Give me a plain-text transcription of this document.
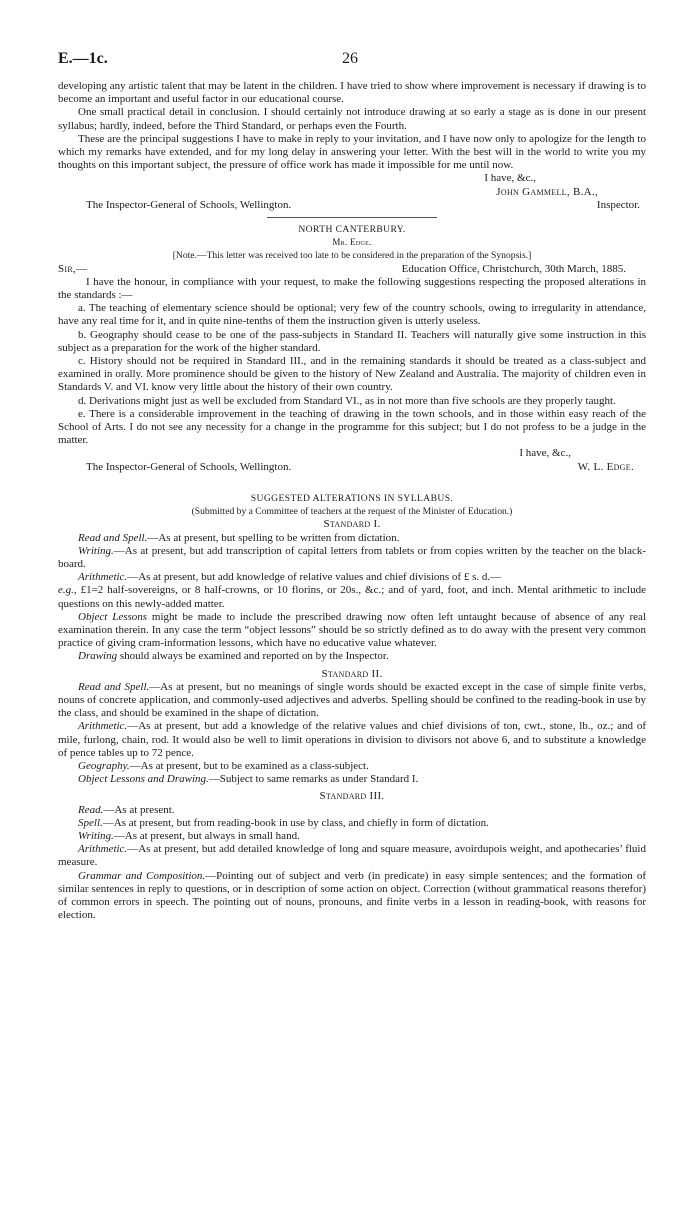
E.—1c.	26

developing any artistic talent that may be latent in the children. I have tried to show where improvement is necessary if drawing is to become an important and useful factor in our educational course.

One small practical detail in conclusion. I should certainly not introduce drawing at so early a stage as is done in our present syllabus; hardly, indeed, before the Third Standard, or perhaps even the Fourth.

These are the principal suggestions I have to make in reply to your invitation, and I have now only to apologize for the length to which my remarks have extended, and for my long delay in answering your letter. With the best will in the world to write you my thoughts on this important subject, the pressure of office work has made it impossible for me until now.

I have, &c.,

John Gammell, B.A.,

The Inspector-General of Schools, Wellington.	Inspector.

NORTH CANTERBURY.

Mr. Edge.

[Note.—This letter was received too late to be considered in the preparation of the Synopsis.]

Sir,—	Education Office, Christchurch, 30th March, 1885.

I have the honour, in compliance with your request, to make the following suggestions respecting the proposed alterations in the standards :—

a. The teaching of elementary science should be optional; very few of the country schools, owing to irregularity in attendance, have any real time for it, and in quite nine-tenths of them the instruction given is utterly useless.

b. Geography should cease to be one of the pass-subjects in Standard II. Teachers will naturally give some instruction in this subject as a preparation for the work of the higher standard.

c. History should not be required in Standard III., and in the remaining standards it should be treated as a class-subject and examined in orally. More prominence should be given to the history of New Zealand and Australia. The majority of children even in Standards V. and VI. know very little about the history of their own country.

d. Derivations might just as well be excluded from Standard VI., as in not more than five schools are they properly taught.

e. There is a considerable improvement in the teaching of drawing in the town schools, and in those within easy reach of the School of Arts. I do not see any necessity for a change in the programme for this subject; but I do not profess to be a judge in the matter.

I have, &c.,

The Inspector-General of Schools, Wellington.	W. L. Edge.

SUGGESTED ALTERATIONS IN SYLLABUS.

(Submitted by a Committee of teachers at the request of the Minister of Education.)

Standard I.

Read and Spell.—As at present, but spelling to be written from dictation.

Writing.—As at present, but add transcription of capital letters from tablets or from copies written by the teacher on the black-board.

Arithmetic.—As at present, but add knowledge of relative values and chief divisions of £ s. d.—

e.g., £1=2 half-sovereigns, or 8 half-crowns, or 10 florins, or 20s., &c.; and of yard, foot, and inch. Mental arithmetic to include questions on this newly-added matter.

Object Lessons might be made to include the prescribed drawing now often left untaught because of absence of any real examination therein. In any case the term “object lessons” should be so strictly defined as to do away with the present very common practice of giving cram-information lessons, which have no educative value whatever.

Drawing should always be examined and reported on by the Inspector.

Standard II.

Read and Spell.—As at present, but no meanings of single words should be exacted except in the case of simple finite verbs, nouns of concrete application, and commonly-used adjectives and adverbs. Spelling should be confined to the reading-book in use by the class, and should be examined in the shape of dictation.

Arithmetic.—As at present, but add a knowledge of the relative values and chief divisions of ton, cwt., stone, lb., oz.; and of mile, furlong, chain, rod. It would also be well to limit operations in division to divisors not above 6, and to substitute a knowledge of pence tables up to 72 pence.

Geography.—As at present, but to be examined as a class-subject.

Object Lessons and Drawing.—Subject to same remarks as under Standard I.

Standard III.

Read.—As at present.

Spell.—As at present, but from reading-book in use by class, and chiefly in form of dictation.

Writing.—As at present, but always in small hand.

Arithmetic.—As at present, but add detailed knowledge of long and square measure, avoirdupois weight, and apothecaries’ fluid measure.

Grammar and Composition.—Pointing out of subject and verb (in predicate) in easy simple sentences; and the formation of similar sentences in reply to questions, or in description of some action on object. Correction (without grammatical reasons therefor) of common errors in speech. The pointing out of nouns, pronouns, and finite verbs in a lesson in reading-book, with reasons for election.
